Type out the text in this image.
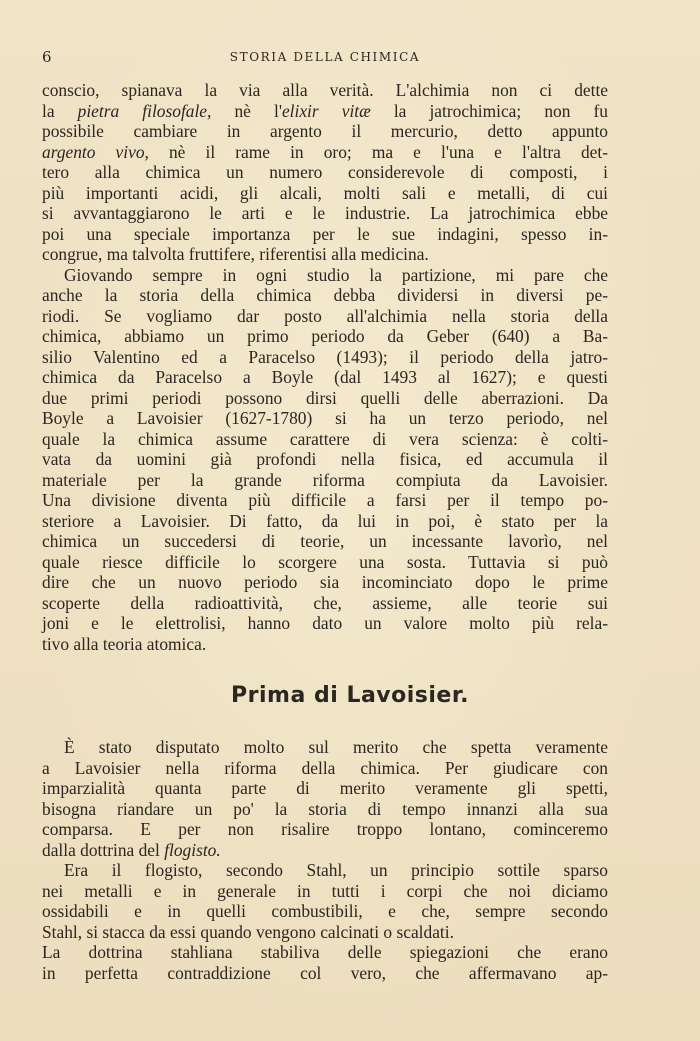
6	STORIA DELLA CHIMICA
conscio, spianava la via alla verità. L'alchimia non ci dette
la pietra filosofale, nè l'elixir vitæ la jatrochimica; non fu
possibile cambiare in argento il mercurio, detto appunto
argento vivo, nè il rame in oro; ma e l'una e l'altra det-
tero alla chimica un numero considerevole di composti, i
più importanti acidi, gli alcali, molti sali e metalli, di cui
si avvantaggiarono le arti e le industrie. La jatrochimica ebbe
poi una speciale importanza per le sue indagini, spesso in-
congrue, ma talvolta fruttifere, riferentisi alla medicina.
Giovando sempre in ogni studio la partizione, mi pare che
anche la storia della chimica debba dividersi in diversi pe-
riodi. Se vogliamo dar posto all'alchimia nella storia della
chimica, abbiamo un primo periodo da Geber (640) a Ba-
silio Valentino ed a Paracelso (1493); il periodo della jatro-
chimica da Paracelso a Boyle (dal 1493 al 1627); e questi
due primi periodi possono dirsi quelli delle aberrazioni. Da
Boyle a Lavoisier (1627-1780) si ha un terzo periodo, nel
quale la chimica assume carattere di vera scienza: è colti-
vata da uomini già profondi nella fisica, ed accumula il
materiale per la grande riforma compiuta da Lavoisier.
Una divisione diventa più difficile a farsi per il tempo po-
steriore a Lavoisier. Di fatto, da lui in poi, è stato per la
chimica un succedersi di teorie, un incessante lavorìo, nel
quale riesce difficile lo scorgere una sosta. Tuttavia si può
dire che un nuovo periodo sia incominciato dopo le prime
scoperte della radioattività, che, assieme, alle teorie sui
joni e le elettrolisi, hanno dato un valore molto più rela-
tivo alla teoria atomica.
Prima di Lavoisier.
È stato disputato molto sul merito che spetta veramente
a Lavoisier nella riforma della chimica. Per giudicare con
imparzialità quanta parte di merito veramente gli spetti,
bisogna riandare un po' la storia di tempo innanzi alla sua
comparsa. E per non risalire troppo lontano, cominceremo
dalla dottrina del flogisto.
Era il flogisto, secondo Stahl, un principio sottile sparso
nei metalli e in generale in tutti i corpi che noi diciamo
ossidabili e in quelli combustibili, e che, sempre secondo
Stahl, si stacca da essi quando vengono calcinati o scaldati.
La dottrina stahliana stabiliva delle spiegazioni che erano
in perfetta contraddizione col vero, che affermavano ap-
